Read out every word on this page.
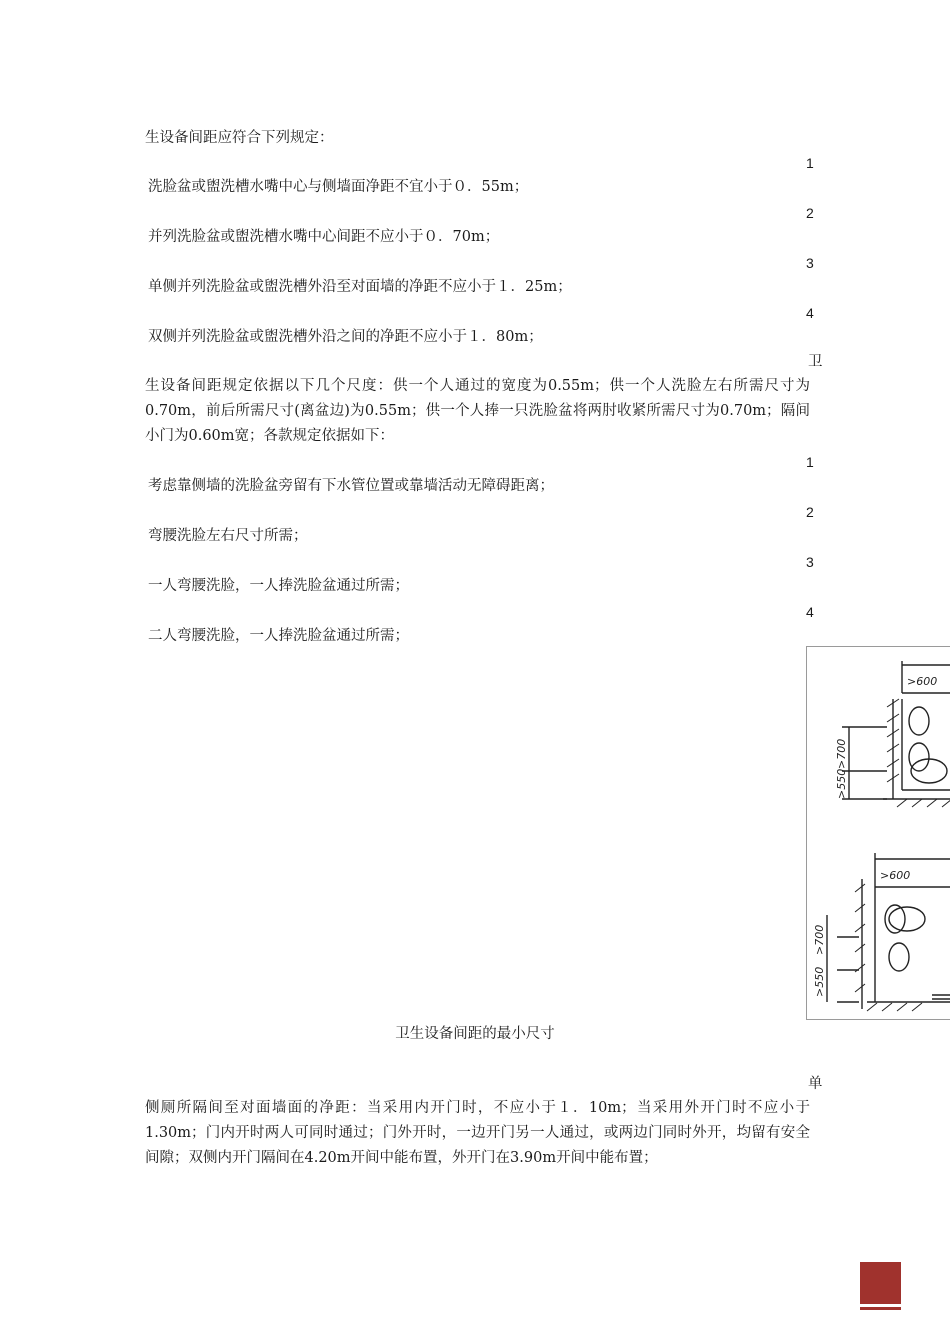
生设备间距应符合下列规定：
1
洗脸盆或盥洗槽水嘴中心与侧墙面净距不宜小于０．55m；
2
并列洗脸盆或盥洗槽水嘴中心间距不应小于０．70m；
3
单侧并列洗脸盆或盥洗槽外沿至对面墙的净距不应小于１．25m；
4
双侧并列洗脸盆或盥洗槽外沿之间的净距不应小于１．80m；
卫
生设备间距规定依据以下几个尺度：供一个人通过的宽度为0.55m；供一个人洗脸左右所需尺寸为0.70m，前后所需尺寸(离盆边)为0.55m；供一个人捧一只洗脸盆将两肘收紧所需尺寸为0.70m；隔间小门为0.60m宽；各款规定依据如下：
1
考虑靠侧墙的洗脸盆旁留有下水管位置或靠墙活动无障碍距离；
2
弯腰洗脸左右尺寸所需；
3
一人弯腰洗脸，一人捧洗脸盆通过所需；
4
二人弯腰洗脸，一人捧洗脸盆通过所需；
>600
>700
>550
>600
>700
>550
卫生设备间距的最小尺寸
单
侧厕所隔间至对面墙面的净距：当采用内开门时，不应小于１．10m；当采用外开门时不应小于1.30m；门内开时两人可同时通过；门外开时，一边开门另一人通过，或两边门同时外开，均留有安全间隙；双侧内开门隔间在4.20m开间中能布置，外开门在3.90m开间中能布置；
